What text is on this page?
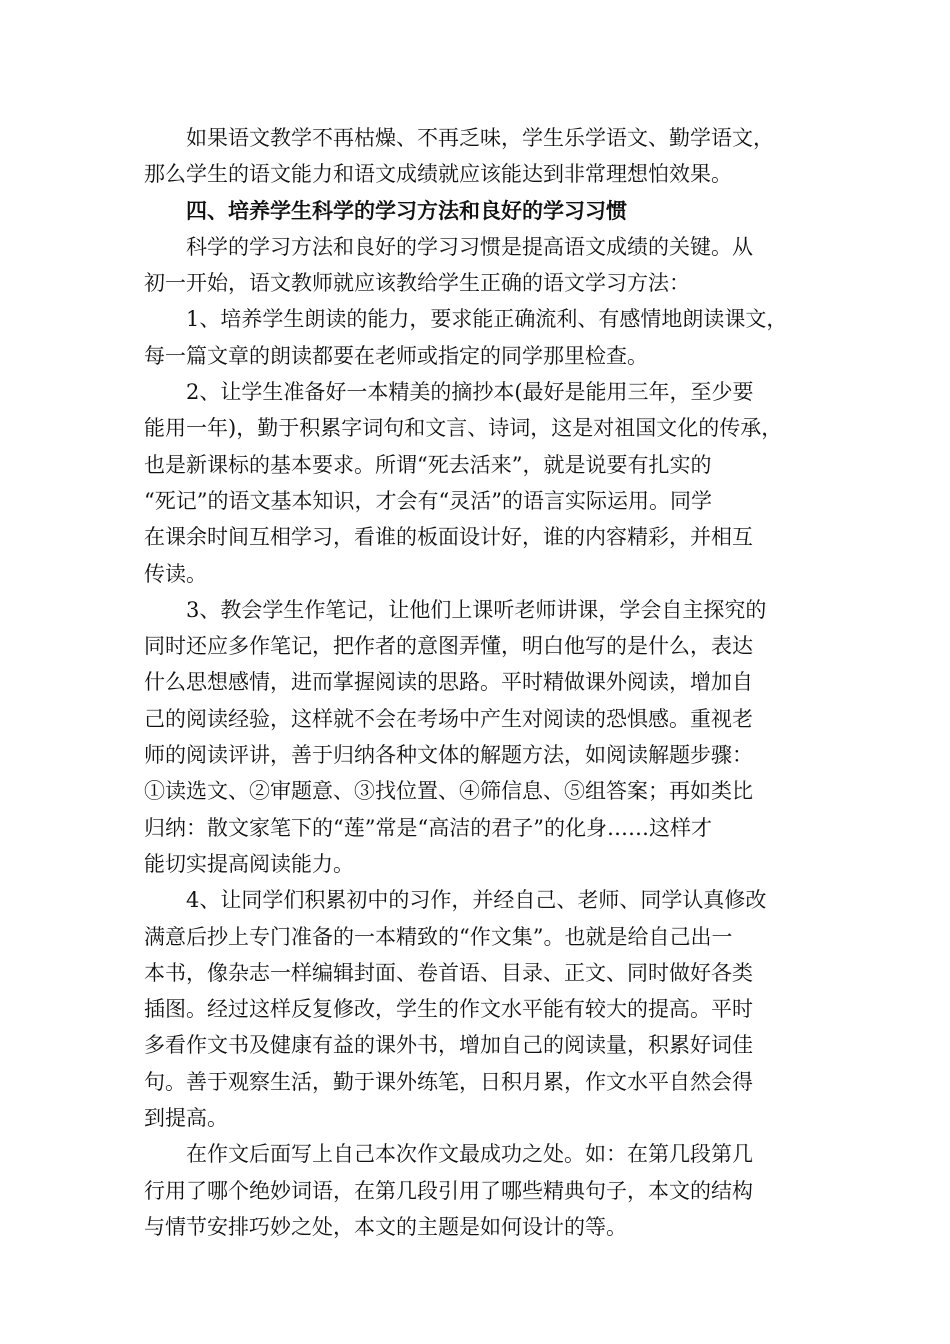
如果语文教学不再枯燥、不再乏味，学生乐学语文、勤学语文，
那么学生的语文能力和语文成绩就应该能达到非常理想怕效果。
四、培养学生科学的学习方法和良好的学习习惯
科学的学习方法和良好的学习习惯是提高语文成绩的关键。从
初一开始，语文教师就应该教给学生正确的语文学习方法：
1、培养学生朗读的能力，要求能正确流利、有感情地朗读课文，
每一篇文章的朗读都要在老师或指定的同学那里检查。
2、让学生准备好一本精美的摘抄本(最好是能用三年，至少要
能用一年)，勤于积累字词句和文言、诗词，这是对祖国文化的传承，
也是新课标的基本要求。所谓“死去活来”，就是说要有扎实的
“死记”的语文基本知识，才会有“灵活”的语言实际运用。同学
在课余时间互相学习，看谁的板面设计好，谁的内容精彩，并相互
传读。
3、教会学生作笔记，让他们上课听老师讲课，学会自主探究的
同时还应多作笔记，把作者的意图弄懂，明白他写的是什么，表达
什么思想感情，进而掌握阅读的思路。平时精做课外阅读，增加自
己的阅读经验，这样就不会在考场中产生对阅读的恐惧感。重视老
师的阅读评讲，善于归纳各种文体的解题方法，如阅读解题步骤：
①读选文、②审题意、③找位置、④筛信息、⑤组答案；再如类比
归纳：散文家笔下的“莲”常是“高洁的君子”的化身……这样才
能切实提高阅读能力。
4、让同学们积累初中的习作，并经自己、老师、同学认真修改
满意后抄上专门准备的一本精致的“作文集”。也就是给自己出一
本书，像杂志一样编辑封面、卷首语、目录、正文、同时做好各类
插图。经过这样反复修改，学生的作文水平能有较大的提高。平时
多看作文书及健康有益的课外书，增加自己的阅读量，积累好词佳
句。善于观察生活，勤于课外练笔，日积月累，作文水平自然会得
到提高。
在作文后面写上自己本次作文最成功之处。如：在第几段第几
行用了哪个绝妙词语，在第几段引用了哪些精典句子，本文的结构
与情节安排巧妙之处，本文的主题是如何设计的等。
